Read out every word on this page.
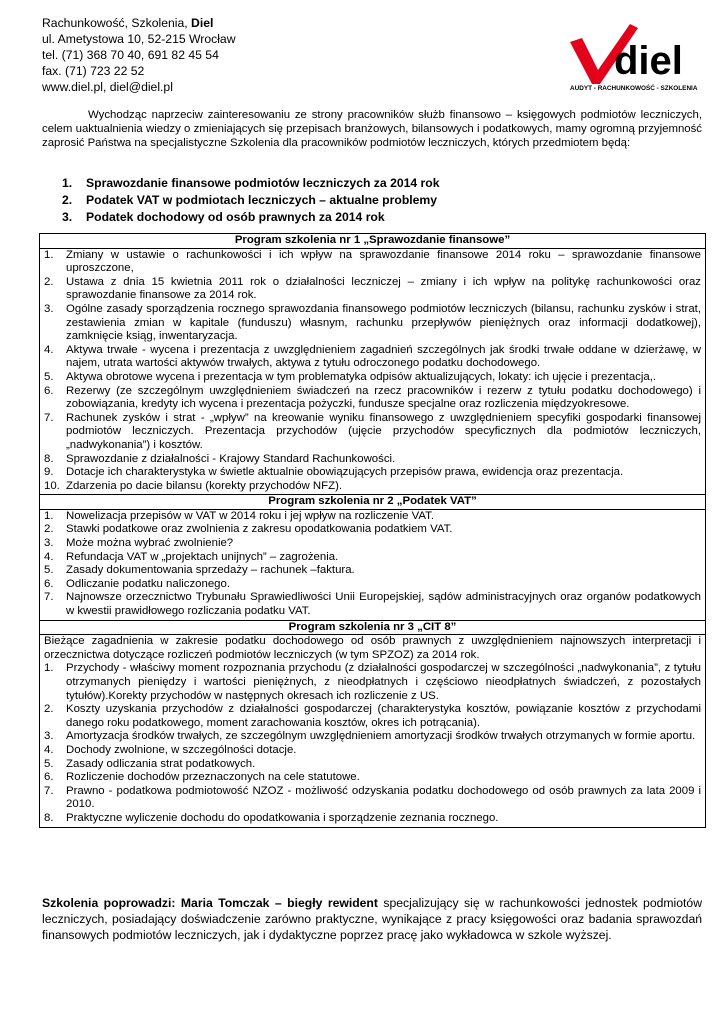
Rachunkowość, Szkolenia, Diel
ul. Ametystowa 10, 52-215 Wrocław
tel. (71) 368 70 40, 691 82 45 54
fax. (71) 723 22 52
www.diel.pl, diel@diel.pl
diel
AUDYT - RACHUNKOWOŚĆ - SZKOLENIA
Wychodząc naprzeciw zainteresowaniu ze strony pracowników służb finansowo – księgowych podmiotów leczniczych, celem uaktualnienia wiedzy o zmieniających się przepisach branżowych, bilansowych i podatkowych, mamy ogromną przyjemność zaprosić Państwa na specjalistyczne Szkolenia dla pracowników podmiotów leczniczych, których przedmiotem będą:
1.	Sprawozdanie finansowe podmiotów leczniczych za 2014 rok
2.	Podatek VAT w podmiotach leczniczych – aktualne problemy
3.	Podatek dochodowy od osób prawnych za 2014 rok
Program szkolenia nr 1 „Sprawozdanie finansowe”
1.	Zmiany w ustawie o rachunkowości i ich wpływ na sprawozdanie finansowe 2014 roku – sprawozdanie finansowe uproszczone,
2.	Ustawa z dnia 15 kwietnia 2011 rok o działalności leczniczej – zmiany i ich wpływ na politykę rachunkowości oraz sprawozdanie finansowe za 2014 rok.
3.	Ogólne zasady sporządzenia rocznego sprawozdania finansowego podmiotów leczniczych (bilansu, rachunku zysków i strat, zestawienia zmian w kapitale (funduszu) własnym, rachunku przepływów pieniężnych oraz informacji dodatkowej), zamknięcie ksiąg, inwentaryzacja.
4.	Aktywa trwałe - wycena i prezentacja z uwzględnieniem zagadnień szczególnych jak środki trwałe oddane w dzierżawę, w najem, utrata wartości aktywów trwałych, aktywa z tytułu odroczonego podatku dochodowego.
5.	Aktywa obrotowe wycena i prezentacja w tym problematyka odpisów aktualizujących, lokaty: ich ujęcie i prezentacja,.
6.	Rezerwy (ze szczególnym uwzględnieniem świadczeń na rzecz pracowników i rezerw z tytułu podatku dochodowego) i zobowiązania, kredyty ich wycena i prezentacja pożyczki, fundusze specjalne oraz rozliczenia międzyokresowe.
7.	Rachunek zysków i strat - „wpływ” na kreowanie wyniku finansowego z uwzględnieniem specyfiki gospodarki finansowej podmiotów leczniczych. Prezentacja przychodów (ujęcie przychodów specyficznych dla podmiotów leczniczych, „nadwykonania”) i kosztów.
8.	Sprawozdanie z działalności - Krajowy Standard Rachunkowości.
9.	Dotacje ich charakterystyka w świetle aktualnie obowiązujących przepisów prawa, ewidencja oraz prezentacja.
10. Zdarzenia po dacie bilansu (korekty przychodów NFZ).
Program szkolenia nr 2 „Podatek VAT”
1.	Nowelizacja przepisów w VAT w 2014 roku i jej wpływ na rozliczenie VAT.
2.	Stawki podatkowe oraz zwolnienia z zakresu opodatkowania podatkiem VAT.
3.	Może można wybrać zwolnienie?
4.	Refundacja VAT w „projektach unijnych” – zagrożenia.
5.	Zasady dokumentowania sprzedaży – rachunek –faktura.
6.	Odliczanie podatku naliczonego.
7.	Najnowsze orzecznictwo Trybunału Sprawiedliwości Unii Europejskiej, sądów administracyjnych oraz organów podatkowych w kwestii prawidłowego rozliczania podatku VAT.
Program szkolenia nr 3 „CIT 8”
Bieżące zagadnienia w zakresie podatku dochodowego od osób prawnych z uwzględnieniem najnowszych interpretacji i orzecznictwa dotyczące rozliczeń podmiotów leczniczych (w tym SPZOZ) za 2014 rok.
1.	Przychody - właściwy moment rozpoznania przychodu (z działalności gospodarczej w szczególności „nadwykonania”, z tytułu otrzymanych pieniędzy i wartości pieniężnych, z nieodpłatnych i częściowo nieodpłatnych świadczeń, z pozostałych tytułów).Korekty przychodów w następnych okresach ich rozliczenie z US.
2.	Koszty uzyskania przychodów z działalności gospodarczej (charakterystyka kosztów, powiązanie kosztów z przychodami danego roku podatkowego, moment zarachowania kosztów, okres ich potrącania).
3.	Amortyzacja środków trwałych, ze szczególnym uwzględnieniem amortyzacji środków trwałych otrzymanych w formie aportu.
4.	Dochody zwolnione, w szczególności dotacje.
5.	Zasady odliczania strat podatkowych.
6.	Rozliczenie dochodów przeznaczonych na cele statutowe.
7.	Prawno - podatkowa podmiotowość NZOZ - możliwość odzyskania podatku dochodowego od osób prawnych za lata 2009 i 2010.
8.	Praktyczne wyliczenie dochodu do opodatkowania i sporządzenie zeznania rocznego.
Szkolenia poprowadzi: Maria Tomczak – biegły rewident specjalizujący się w rachunkowości jednostek podmiotów leczniczych, posiadający doświadczenie zarówno praktyczne, wynikające z pracy księgowości oraz badania sprawozdań finansowych podmiotów leczniczych, jak i dydaktyczne poprzez pracę jako wykładowca w szkole wyższej.
